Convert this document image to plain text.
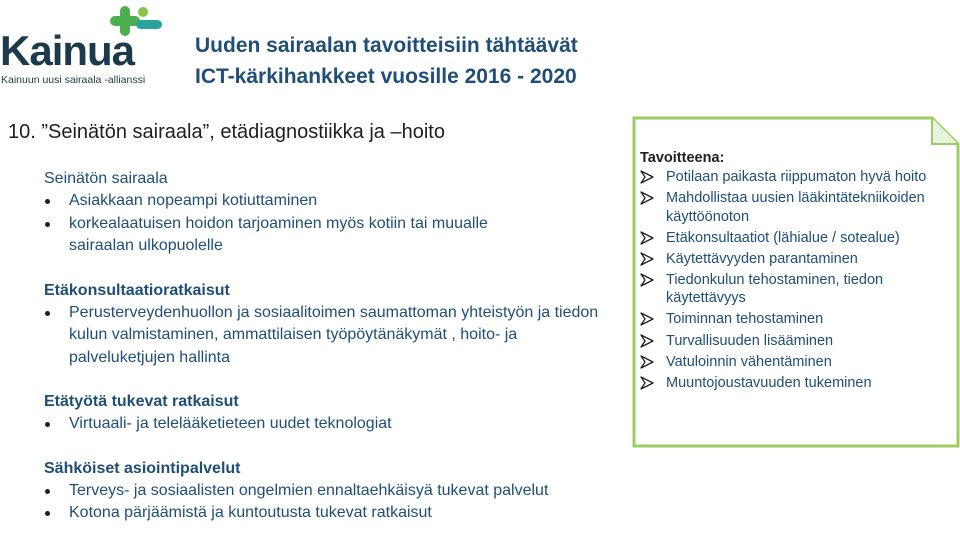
Kainua
Kainuun uusi sairaala -allianssi
Uuden sairaalan tavoitteisiin tähtäävät
ICT-kärkihankkeet vuosille 2016 - 2020
10. ”Seinätön sairaala”, etädiagnostiikka ja –hoito
Seinätön sairaala
Asiakkaan nopeampi kotiuttaminen
korkealaatuisen hoidon tarjoaminen myös kotiin tai muualle sairaalan ulkopuolelle
Etäkonsultaatioratkaisut
Perusterveydenhuollon ja sosiaalitoimen saumattoman yhteistyön ja tiedon kulun valmistaminen, ammattilaisen työpöytänäkymät , hoito- ja palveluketjujen hallinta
Etätyötä tukevat ratkaisut
Virtuaali- ja telelääketieteen uudet teknologiat
Sähköiset asiointipalvelut
Terveys- ja sosiaalisten ongelmien ennaltaehkäisyä tukevat palvelut
Kotona pärjäämistä ja kuntoutusta tukevat ratkaisut
Tavoitteena:
Potilaan paikasta riippumaton hyvä hoito
Mahdollistaa uusien lääkintätekniikoiden käyttöönoton
Etäkonsultaatiot (lähialue / sotealue)
Käytettävyyden parantaminen
Tiedonkulun tehostaminen, tiedon käytettävyys
Toiminnan tehostaminen
Turvallisuuden lisääminen
Vatuloinnin vähentäminen
Muuntojoustavuuden tukeminen
